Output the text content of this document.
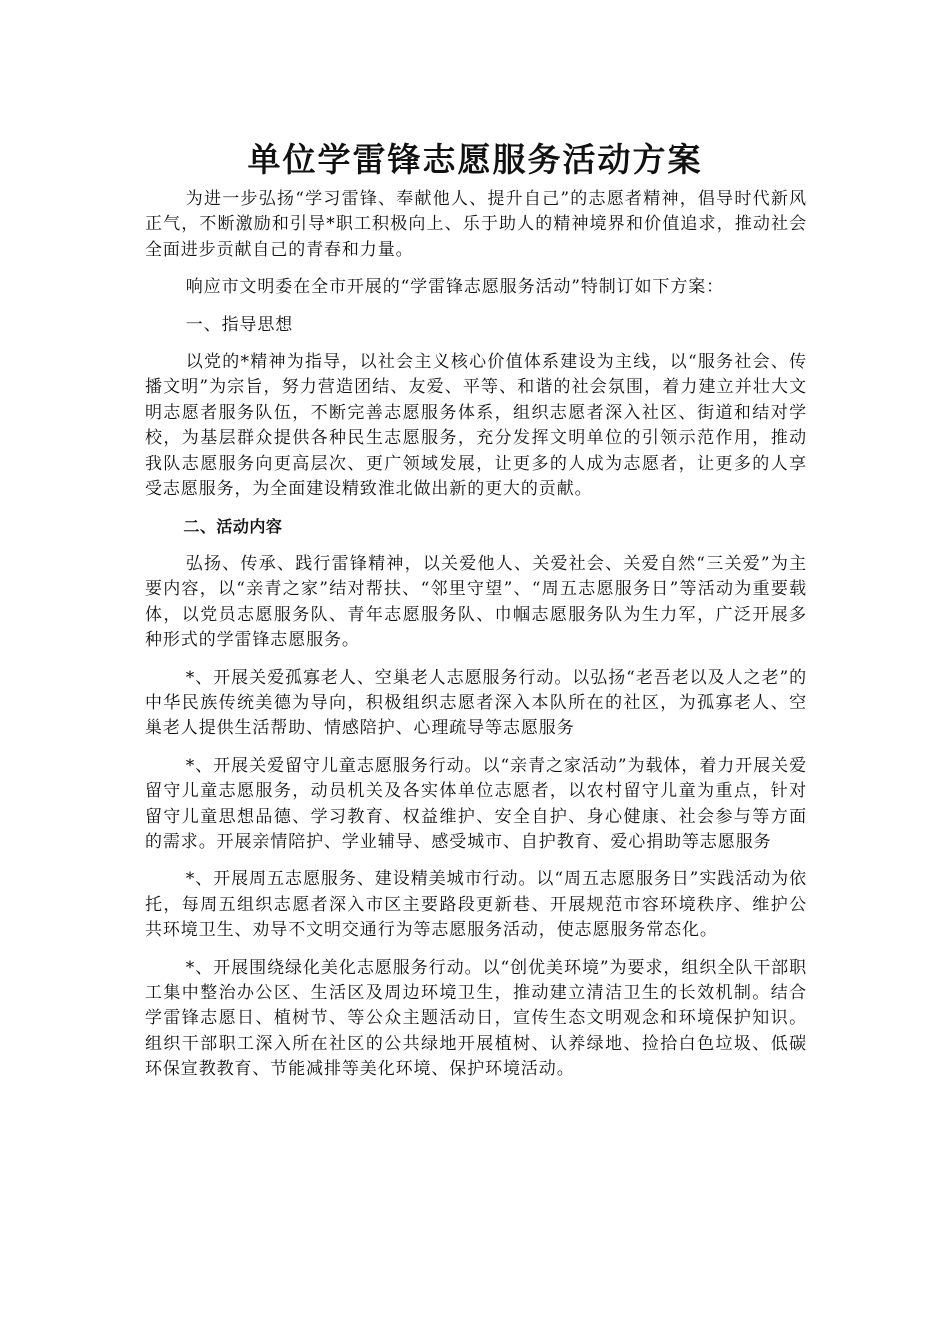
单位学雷锋志愿服务活动方案

为进一步弘扬“学习雷锋、奉献他人、提升自己”的志愿者精神，倡导时代新风正气，不断激励和引导*职工积极向上、乐于助人的精神境界和价值追求，推动社会全面进步贡献自己的青春和力量。

响应市文明委在全市开展的“学雷锋志愿服务活动”特制订如下方案：

一、指导思想

以党的*精神为指导，以社会主义核心价值体系建设为主线，以“服务社会、传播文明”为宗旨，努力营造团结、友爱、平等、和谐的社会氛围，着力建立并壮大文明志愿者服务队伍，不断完善志愿服务体系，组织志愿者深入社区、街道和结对学校，为基层群众提供各种民生志愿服务，充分发挥文明单位的引领示范作用，推动我队志愿服务向更高层次、更广领域发展，让更多的人成为志愿者，让更多的人享受志愿服务，为全面建设精致淮北做出新的更大的贡献。

二、活动内容

弘扬、传承、践行雷锋精神，以关爱他人、关爱社会、关爱自然“三关爱”为主要内容，以“亲青之家”结对帮扶、“邻里守望”、“周五志愿服务日”等活动为重要载体，以党员志愿服务队、青年志愿服务队、巾帼志愿服务队为生力军，广泛开展多种形式的学雷锋志愿服务。

*、开展关爱孤寡老人、空巢老人志愿服务行动。以弘扬“老吾老以及人之老”的中华民族传统美德为导向，积极组织志愿者深入本队所在的社区，为孤寡老人、空巢老人提供生活帮助、情感陪护、心理疏导等志愿服务

*、开展关爱留守儿童志愿服务行动。以“亲青之家活动”为载体，着力开展关爱留守儿童志愿服务，动员机关及各实体单位志愿者，以农村留守儿童为重点，针对留守儿童思想品德、学习教育、权益维护、安全自护、身心健康、社会参与等方面的需求。开展亲情陪护、学业辅导、感受城市、自护教育、爱心捐助等志愿服务

*、开展周五志愿服务、建设精美城市行动。以“周五志愿服务日”实践活动为依托，每周五组织志愿者深入市区主要路段更新巷、开展规范市容环境秩序、维护公共环境卫生、劝导不文明交通行为等志愿服务活动，使志愿服务常态化。

*、开展围绕绿化美化志愿服务行动。以“创优美环境”为要求，组织全队干部职工集中整治办公区、生活区及周边环境卫生，推动建立清洁卫生的长效机制。结合学雷锋志愿日、植树节、等公众主题活动日，宣传生态文明观念和环境保护知识。组织干部职工深入所在社区的公共绿地开展植树、认养绿地、捡拾白色垃圾、低碳环保宣教教育、节能减排等美化环境、保护环境活动。
